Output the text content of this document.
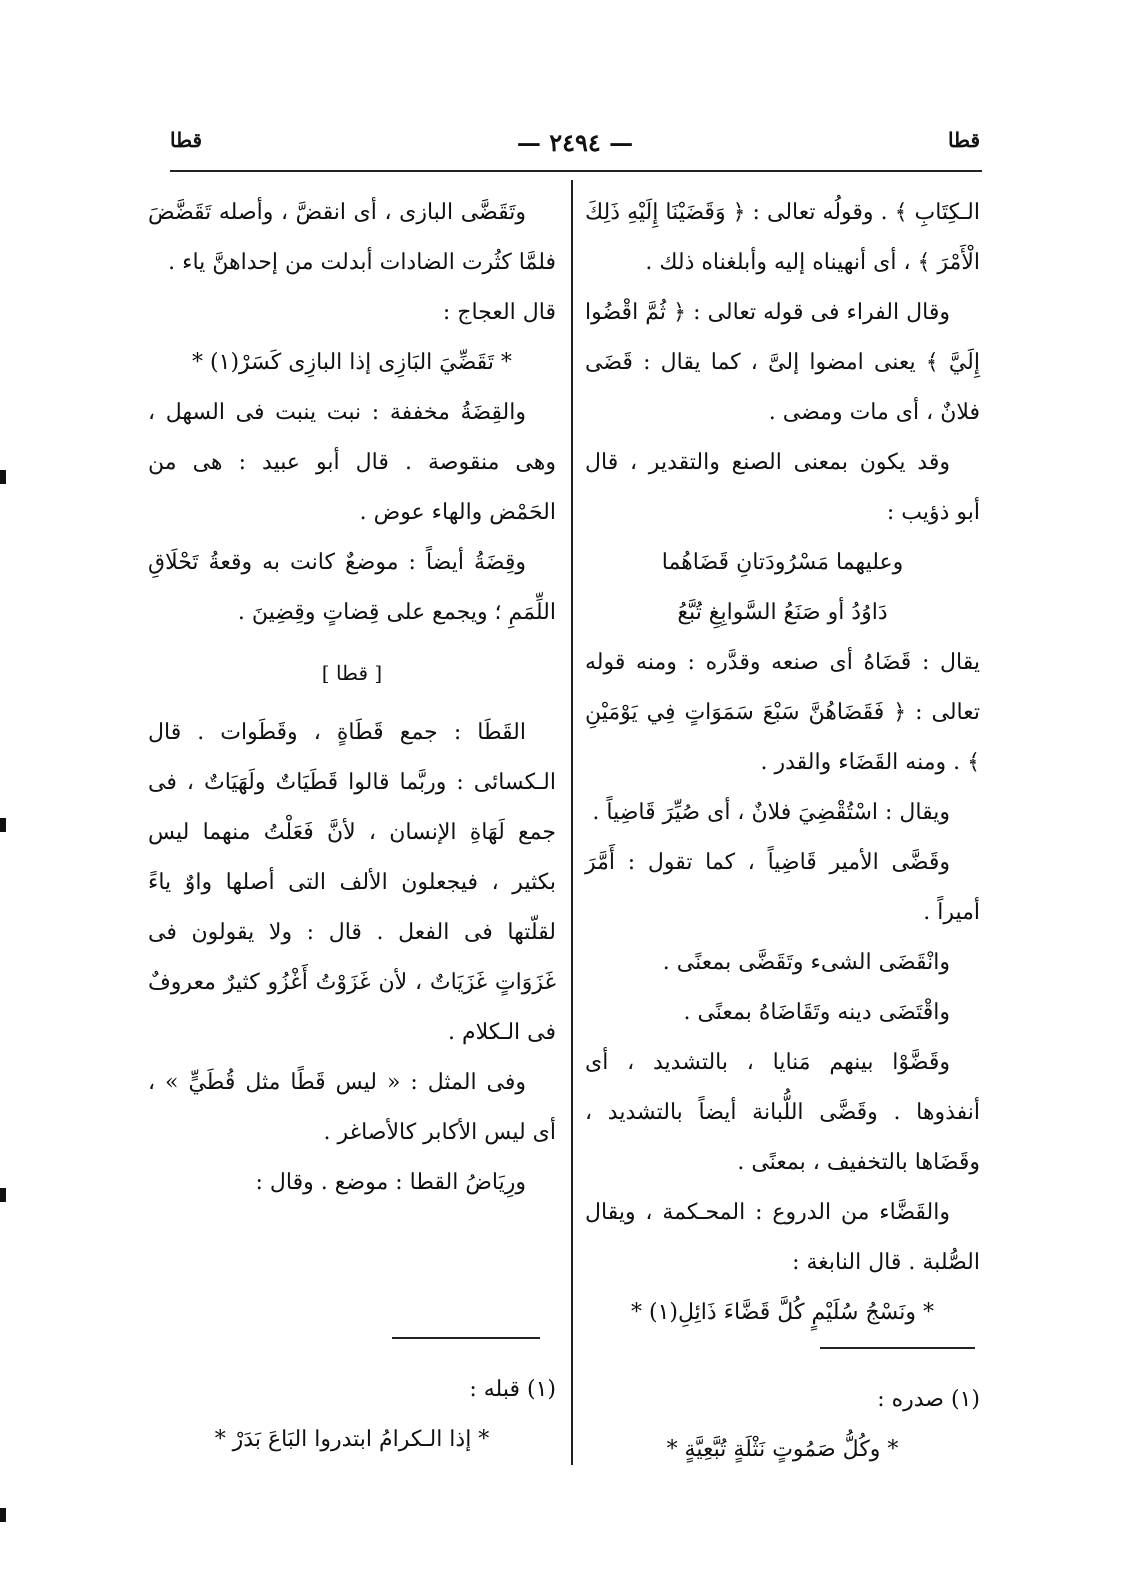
قطا
— ٢٤٩٤ —
قطا

الـكِتَابِ ﴾ . وقولُه تعالى : ﴿ وَقَضَيْنَا إِلَيْهِ ذَلِكَ الْأَمْرَ ﴾ ، أى أنهيناه إليه وأبلغناه ذلك .

وقال الفراء فى قوله تعالى : ﴿ ثُمَّ اقْضُوا إِلَيَّ ﴾ يعنى امضوا إلىَّ ، كما يقال : قَضَى فلانٌ ، أى مات ومضى .

وقد يكون بمعنى الصنع والتقدير ، قال أبو ذؤيب :

وعليهما مَسْرُودَتانِ قَضَاهُما

دَاوُدُ أو صَنَعُ السَّوابِغِ تُبَّعُ

يقال : قَضَاهُ أى صنعه وقدَّره : ومنه قوله تعالى : ﴿ فَقَضَاهُنَّ سَبْعَ سَمَوَاتٍ فِي يَوْمَيْنِ ﴾ . ومنه القَضَاء والقدر .

ويقال : اسْتُقْضِيَ فلانٌ ، أى صُيِّرَ قَاضِياً .

وقَضَّى الأمير قَاضِياً ، كما تقول : أَمَّرَ أميراً .

وانْقَضَى الشىء وتَقَضَّى بمعنًى .

واقْتَضَى دينه وتَقَاضَاهُ بمعنًى .

وقَضَّوْا بينهم مَنايا ، بالتشديد ، أى أنفذوها . وقَضَّى اللُّبانة أيضاً بالتشديد ، وقَضَاها بالتخفيف ، بمعنًى .

والقَضَّاء من الدروع : المحـكمة ، ويقال الصُّلبة . قال النابغة :

* ونَسْجُ سُلَيْمٍ كُلَّ قَضَّاءَ ذَائِلِ(١) *

وتَقَضَّى البازى ، أى انقضَّ ، وأصله تَقَضَّضَ فلمَّا كثُرت الضادات أبدلت من إحداهنَّ ياء .

قال العجاج :

* تَقَضِّيَ البَازِى إذا البازِى كَسَرْ(١) *

والقِضَةُ مخففة : نبت ينبت فى السهل ، وهى منقوصة . قال أبو عبيد : هى من الحَمْض والهاء عوض .

وقِضَةُ أيضاً : موضعٌ كانت به وقعةُ تَحْلَاقِ اللِّمَمِ ؛ ويجمع على قِضاتٍ وقِضِينَ .

[ قطا ]

القَطَا : جمع قَطَاةٍ ، وقَطَوات . قال الـكسائى : وربَّما قالوا قَطَيَاتٌ ولَهَيَاتٌ ، فى جمع لَهَاةِ الإنسان ، لأنَّ فَعَلْتُ منهما ليس بكثير ، فيجعلون الألف التى أصلها واوٌ ياءً لقلّتها فى الفعل . قال : ولا يقولون فى غَزَوَاتٍ غَزَيَاتٌ ، لأن غَزَوْتُ أَغْزُو كثيرٌ معروفٌ فى الـكلام .

وفى المثل : « ليس قَطًا مثل قُطَيٍّ » ، أى ليس الأكابر كالأصاغر .

ورِيَاضُ القطا : موضع . وقال :

(١) صدره :

* وكُلُّ صَمُوتٍ نَثْلَةٍ تُبَّعِيَّةٍ *

(١) قبله :

* إذا الـكرامُ ابتدروا البَاعَ بَدَرْ *
